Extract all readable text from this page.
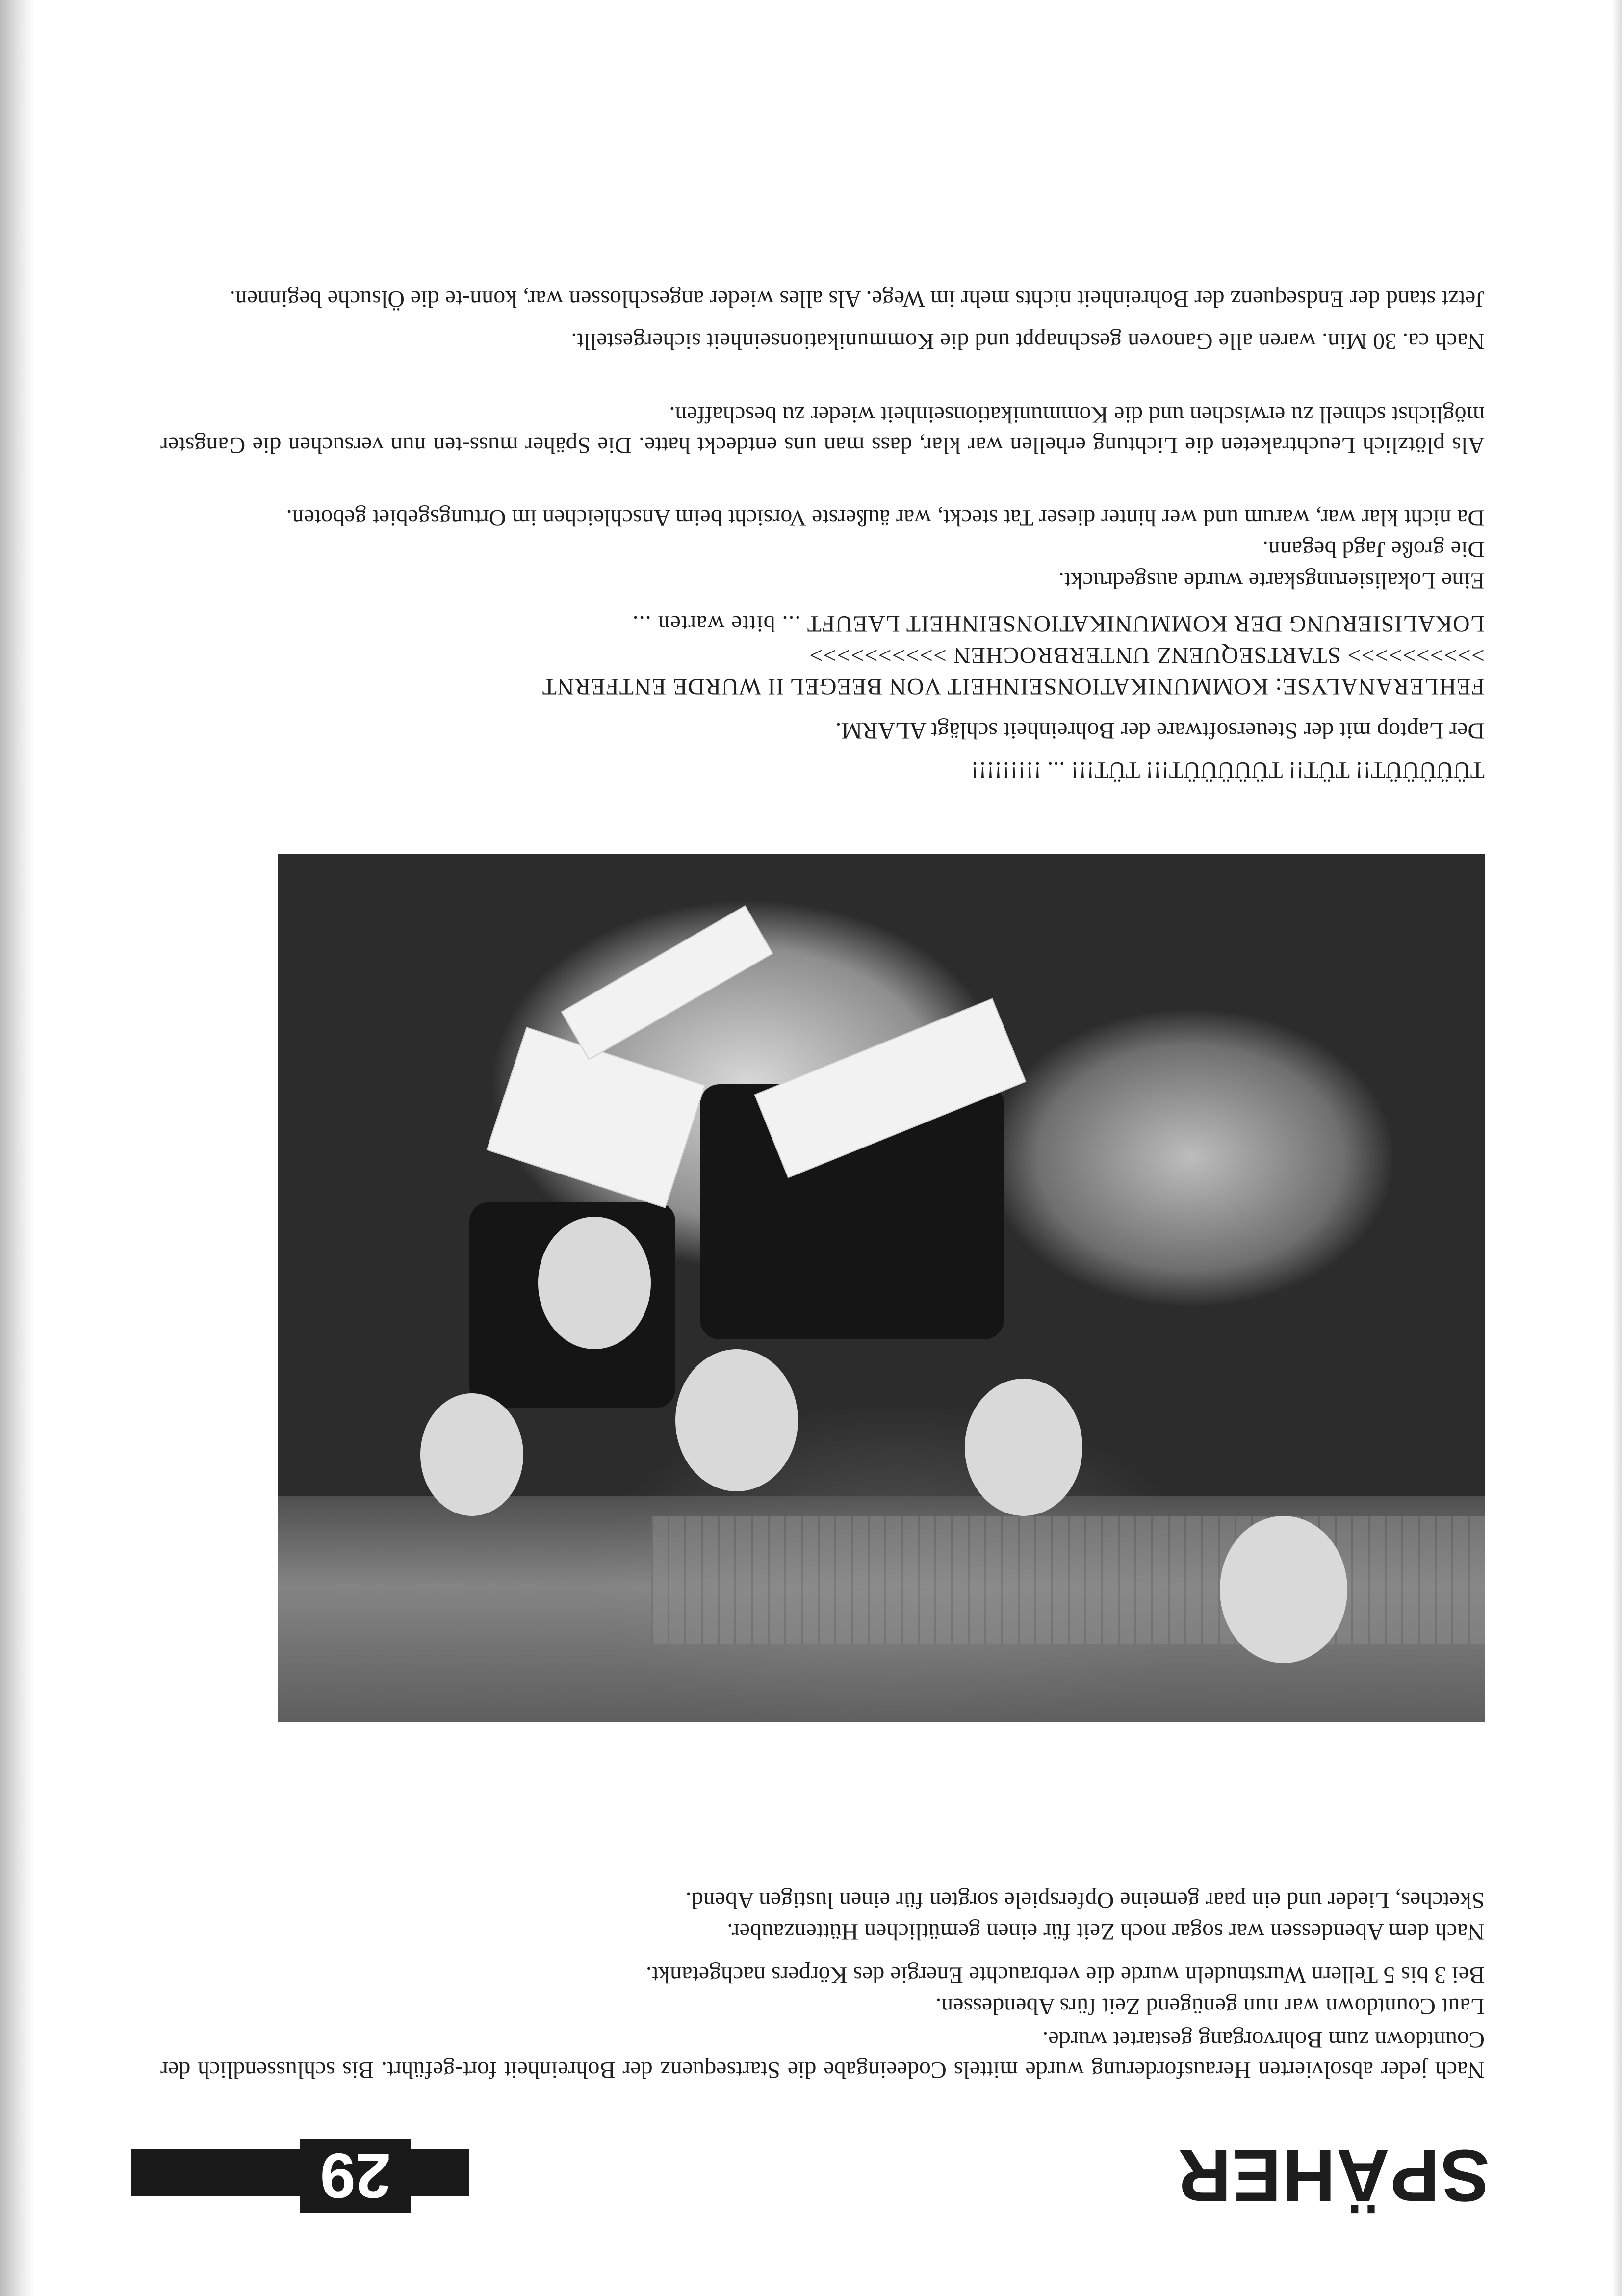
SPÄHER
29

Nach jeder absolvierten Herausforderung wurde mittels Codeeingabe die Startsequenz der Bohreinheit fort-geführt. Bis schlussendlich der Countdown zum Bohrvorgang gestartet wurde.

Laut Countdown war nun genügend Zeit fürs Abendessen.

Bei 3 bis 5 Tellern Wurstnudeln wurde die verbrauchte Energie des Körpers nachgetankt.

Nach dem Abendessen war sogar noch Zeit für einen gemütlichen Hüttenzauber.

Sketches, Lieder und ein paar gemeine Opferspiele sorgten für einen lustigen Abend.

TÜÜÜÜÜT!! TÜT!! TÜÜÜÜÜT!!! TÜT!!! ... !!!!!!!!!

Der Laptop mit der Steuersoftware der Bohreinheit schlägt ALARM.

FEHLERANALYSE: KOMMUNIKATIONSEINHEIT VON BEEGEL II WURDE ENTFERNT

>>>>>>>>>> STARTSEQUENZ UNTERBROCHEN >>>>>>>>>>

LOKALISIERUNG DER KOMMUNIKATIONSEINHEIT LAEUFT ... bitte warten ...

Eine Lokalisierungskarte wurde ausgedruckt.

Die große Jagd begann.

Da nicht klar war, warum und wer hinter dieser Tat steckt, war äußerste Vorsicht beim Anschleichen im Ortungsgebiet geboten.

Als plötzlich Leuchtraketen die Lichtung erhellen war klar, dass man uns entdeckt hatte. Die Späher muss-ten nun versuchen die Gangster möglichst schnell zu erwischen und die Kommunikationseinheit wieder zu beschaffen.

Nach ca. 30 Min. waren alle Ganoven geschnappt und die Kommunikationseinheit sichergestellt.

Jetzt stand der Endsequenz der Bohreinheit nichts mehr im Wege. Als alles wieder angeschlossen war, konn-te die Ölsuche beginnen.
